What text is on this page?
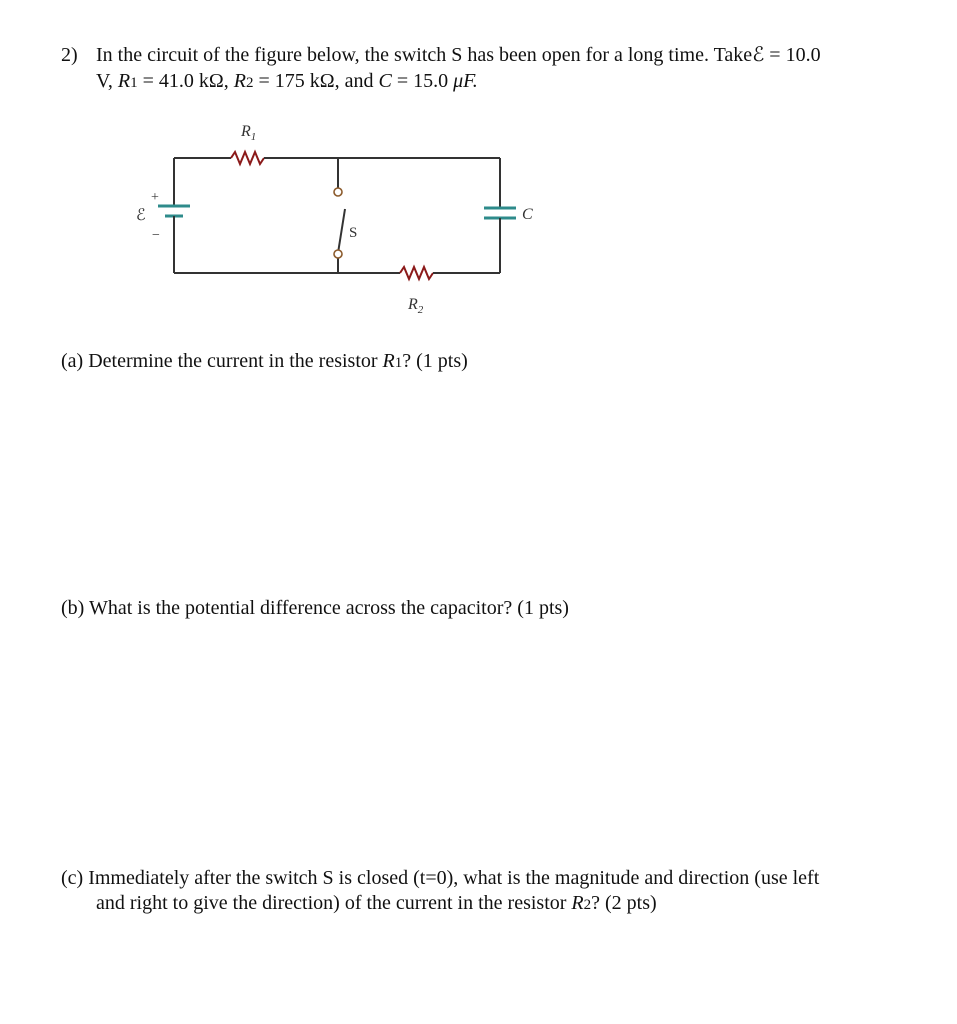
2) In the circuit of the figure below, the switch S has been open for a long time. Takeℰ = 10.0
V, R1 = 41.0 kΩ, R2 = 175 kΩ, and C = 15.0 μF.
$R_1$
$R_2$
ℰ
+
−	S
C
(a) Determine the current in the resistor R1? (1 pts)
(b) What is the potential difference across the capacitor? (1 pts)
(c) Immediately after the switch S is closed (t=0), what is the magnitude and direction (use left
and right to give the direction) of the current in the resistor R2? (2 pts)
